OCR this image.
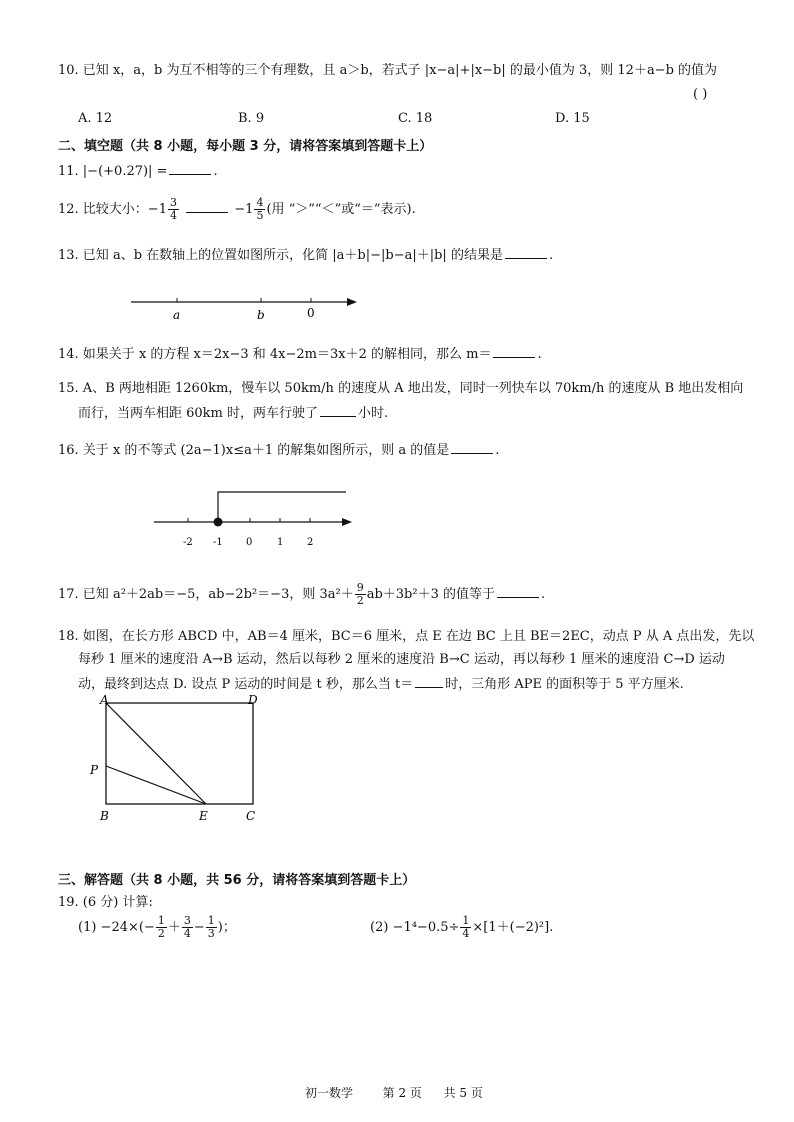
10. 已知 x，a，b 为互不相等的三个有理数，且 a＞b，若式子 |x−a|+|x−b| 的最小值为 3，则 12＋a−b 的值为
( )
A. 12	B. 9	C. 18	D. 15
二、填空题（共 8 小题，每小题 3 分，请将答案填到答题卡上）
11. |−(+0.27)| =	.
12. 比较大小：$-1 \frac{3}{4}$	$-1 \frac{4}{5}$ (用 “＞”“＜”或“＝”表示).
13. 已知 a、b 在数轴上的位置如图所示，化简 |a＋b|−|b−a|＋|b| 的结果是	.
a	b	0
14. 如果关于 x 的方程 x＝2x−3 和 4x−2m＝3x＋2 的解相同，那么 m＝	.
15. A、B 两地相距 1260km，慢车以 50km/h 的速度从 A 地出发，同时一列快车以 70km/h 的速度从 B 地出发相向
而行，当两车相距 60km 时，两车行驶了	小时.
16. 关于 x 的不等式 (2a−1)x≤a＋1 的解集如图所示，则 a 的值是	.
-2 -1 0 1 2
17. 已知 a²＋2ab＝−5，ab−2b²＝−3，则 $3a^2+ \frac{9}{2} ab+3b^2+3$ 的值等于	.
18. 如图，在长方形 ABCD 中，AB＝4 厘米，BC＝6 厘米，点 E 在边 BC 上且 BE＝2EC，动点 P 从 A 点出发，先以
每秒 1 厘米的速度沿 A→B 运动，然后以每秒 2 厘米的速度沿 B→C 运动，再以每秒 1 厘米的速度沿 C→D 运动
动，最终到达点 D. 设点 P 运动的时间是 t 秒，那么当 t＝ 时，三角形 APE 的面积等于 5 平方厘米.
A	D
P
B	E	C
三、解答题（共 8 小题，共 56 分，请将答案填到答题卡上）
19. (6 分) 计算:
$(1) -24\times(- \frac{1}{2} + \frac{3}{4} - \frac{1}{3}$ )；	$(2) -1^4-0.5\div \frac{1}{4} \times[1+(-2)^2]$.
初一数学 第 2 页 共 5 页
